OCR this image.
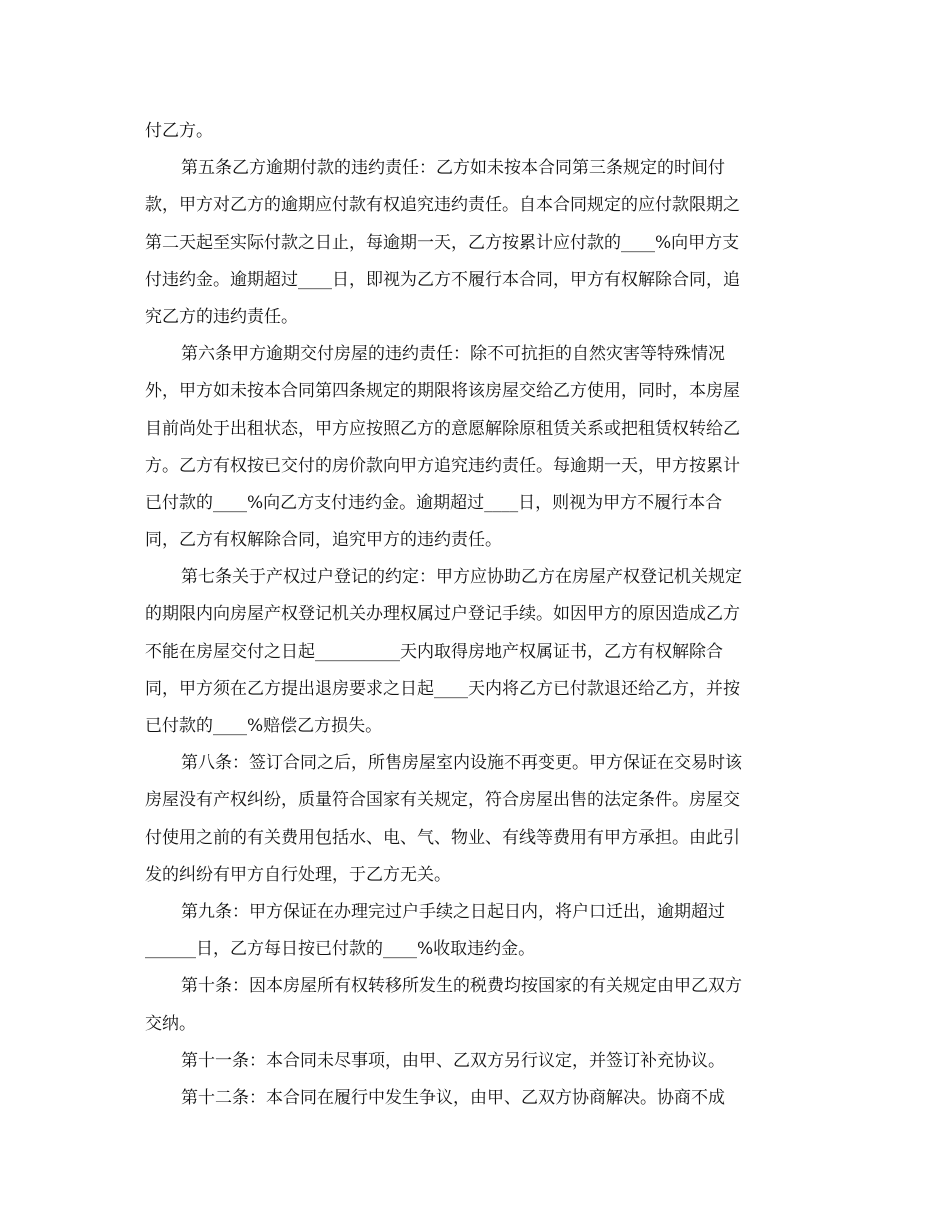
付乙方。
第五条乙方逾期付款的违约责任：乙方如未按本合同第三条规定的时间付
款，甲方对乙方的逾期应付款有权追究违约责任。自本合同规定的应付款限期之
第二天起至实际付款之日止，每逾期一天，乙方按累计应付款的____%向甲方支
付违约金。逾期超过____日，即视为乙方不履行本合同，甲方有权解除合同，追
究乙方的违约责任。
第六条甲方逾期交付房屋的违约责任：除不可抗拒的自然灾害等特殊情况
外，甲方如未按本合同第四条规定的期限将该房屋交给乙方使用，同时，本房屋
目前尚处于出租状态，甲方应按照乙方的意愿解除原租赁关系或把租赁权转给乙
方。乙方有权按已交付的房价款向甲方追究违约责任。每逾期一天，甲方按累计
已付款的____%向乙方支付违约金。逾期超过____日，则视为甲方不履行本合
同，乙方有权解除合同，追究甲方的违约责任。
第七条关于产权过户登记的约定：甲方应协助乙方在房屋产权登记机关规定
的期限内向房屋产权登记机关办理权属过户登记手续。如因甲方的原因造成乙方
不能在房屋交付之日起__________天内取得房地产权属证书，乙方有权解除合
同，甲方须在乙方提出退房要求之日起____天内将乙方已付款退还给乙方，并按
已付款的____%赔偿乙方损失。
第八条：签订合同之后，所售房屋室内设施不再变更。甲方保证在交易时该
房屋没有产权纠纷，质量符合国家有关规定，符合房屋出售的法定条件。房屋交
付使用之前的有关费用包括水、电、气、物业、有线等费用有甲方承担。由此引
发的纠纷有甲方自行处理，于乙方无关。
第九条：甲方保证在办理完过户手续之日起日内，将户口迁出，逾期超过
______日，乙方每日按已付款的____%收取违约金。
第十条：因本房屋所有权转移所发生的税费均按国家的有关规定由甲乙双方
交纳。
第十一条：本合同未尽事项，由甲、乙双方另行议定，并签订补充协议。
第十二条：本合同在履行中发生争议，由甲、乙双方协商解决。协商不成
